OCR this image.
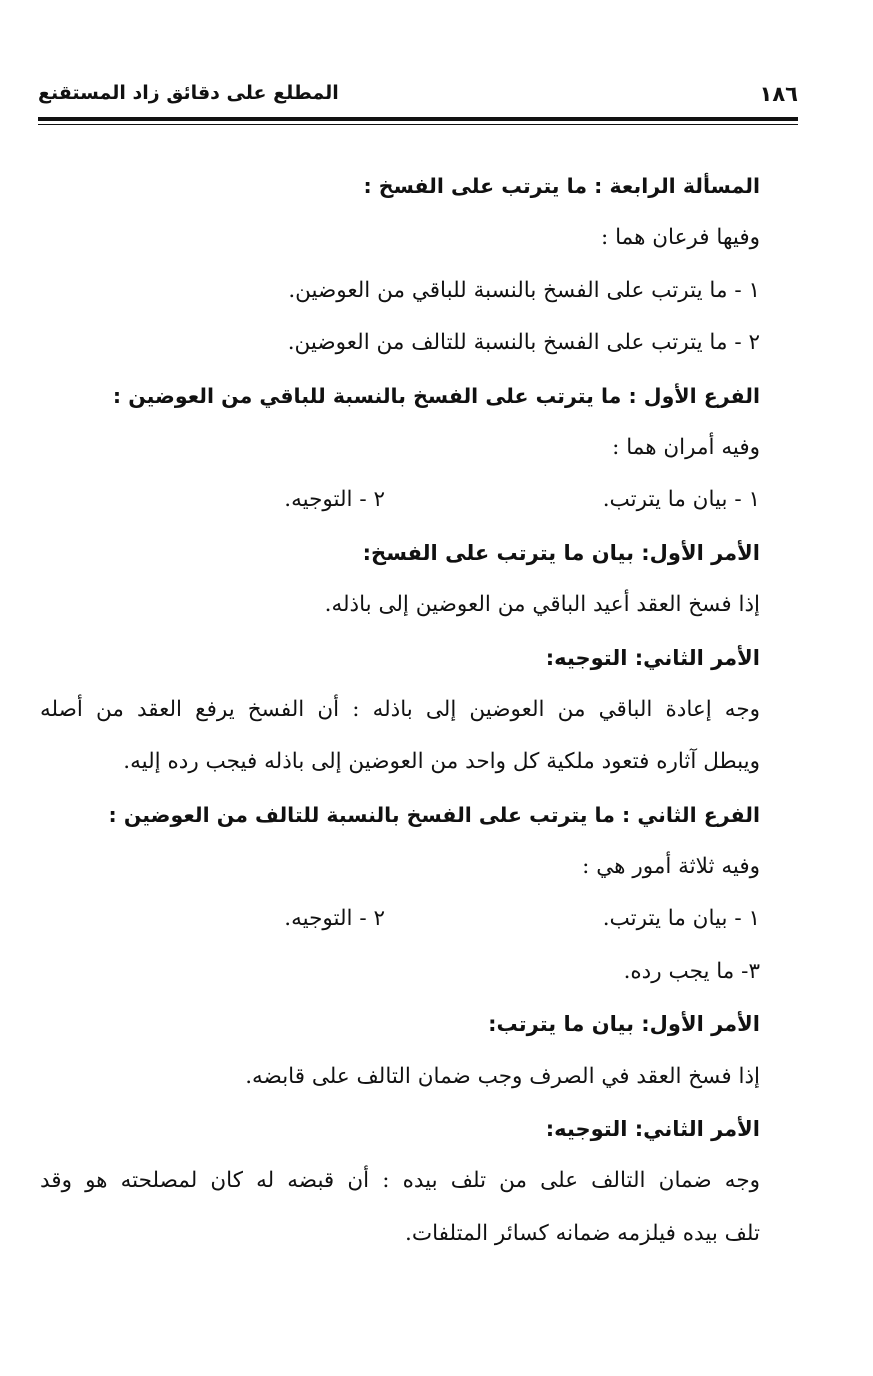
١٨٦
المطلع على دقائق زاد المستقنع
المسألة الرابعة : ما يترتب على الفسخ :
وفيها فرعان هما :
١ - ما يترتب على الفسخ بالنسبة للباقي من العوضين.
٢ - ما يترتب على الفسخ بالنسبة للتالف من العوضين.
الفرع الأول : ما يترتب على الفسخ بالنسبة للباقي من العوضين :
وفيه أمران هما :
١ - بيان ما يترتب.
٢ - التوجيه.
الأمر الأول: بيان ما يترتب على الفسخ:
إذا فسخ العقد أعيد الباقي من العوضين إلى باذله.
الأمر الثاني: التوجيه:
وجه إعادة الباقي من العوضين إلى باذله : أن الفسخ يرفع العقد من أصله
ويبطل آثاره فتعود ملكية كل واحد من العوضين إلى باذله فيجب رده إليه.
الفرع الثاني : ما يترتب على الفسخ بالنسبة للتالف من العوضين :
وفيه ثلاثة أمور هي :
١ - بيان ما يترتب.
٢ - التوجيه.
٣- ما يجب رده.
الأمر الأول: بيان ما يترتب:
إذا فسخ العقد في الصرف وجب ضمان التالف على قابضه.
الأمر الثاني: التوجيه:
وجه ضمان التالف على من تلف بيده : أن قبضه له كان لمصلحته هو وقد
تلف بيده فيلزمه ضمانه كسائر المتلفات.
